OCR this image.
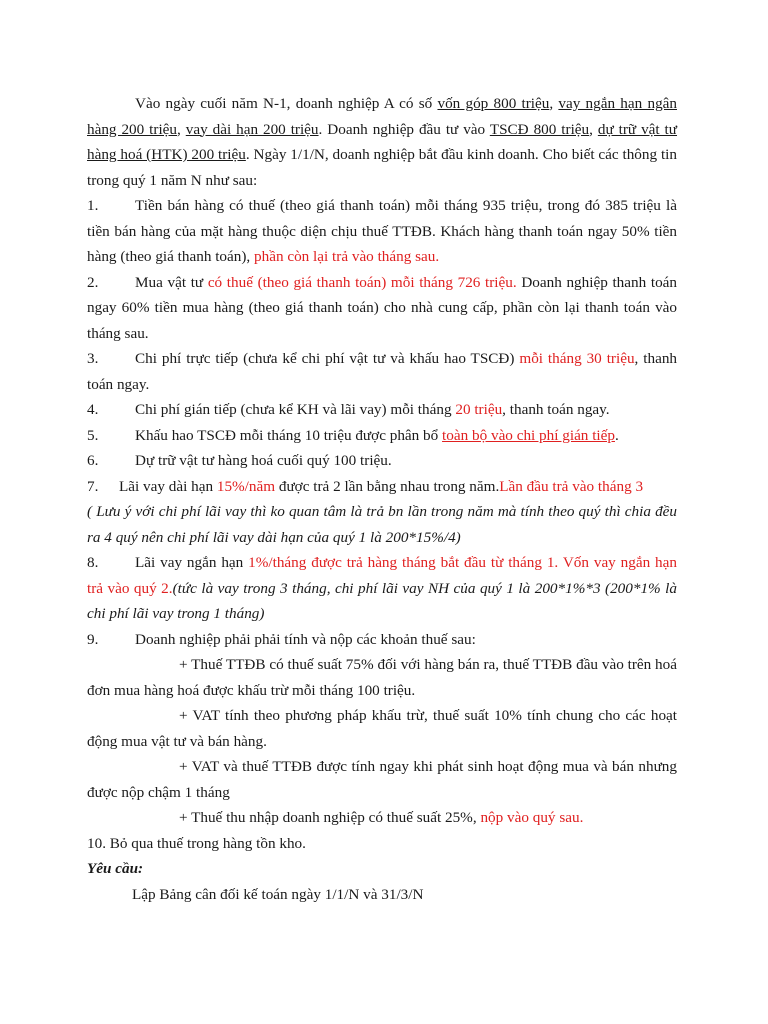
Vào ngày cuối năm N-1, doanh nghiệp A có số vốn góp 800 triệu, vay ngắn hạn ngân hàng 200 triệu, vay dài hạn 200 triệu. Doanh nghiệp đầu tư vào TSCĐ 800 triệu, dự trữ vật tư hàng hoá (HTK) 200 triệu. Ngày 1/1/N, doanh nghiệp bắt đầu kinh doanh. Cho biết các thông tin trong quý 1 năm N như sau:

1. Tiền bán hàng có thuế (theo giá thanh toán) mỗi tháng 935 triệu, trong đó 385 triệu là tiền bán hàng của mặt hàng thuộc diện chịu thuế TTĐB. Khách hàng thanh toán ngay 50% tiền hàng (theo giá thanh toán), phần còn lại trả vào tháng sau.

2. Mua vật tư có thuế (theo giá thanh toán) mỗi tháng 726 triệu. Doanh nghiệp thanh toán ngay 60% tiền mua hàng (theo giá thanh toán) cho nhà cung cấp, phần còn lại thanh toán vào tháng sau.

3. Chi phí trực tiếp (chưa kể chi phí vật tư và khấu hao TSCĐ) mỗi tháng 30 triệu, thanh toán ngay.

4. Chi phí gián tiếp (chưa kể KH và lãi vay) mỗi tháng 20 triệu, thanh toán ngay.

5. Khấu hao TSCĐ mỗi tháng 10 triệu được phân bổ toàn bộ vào chi phí gián tiếp.

6. Dự trữ vật tư hàng hoá cuối quý 100 triệu.

7. Lãi vay dài hạn 15%/năm được trả 2 lần bằng nhau trong năm.Lần đầu trả vào tháng 3

( Lưu ý với chi phí lãi vay thì ko quan tâm là trả bn lần trong năm mà tính theo quý thì chia đều ra 4 quý nên chi phí lãi vay dài hạn của quý 1 là 200*15%/4)

8. Lãi vay ngắn hạn 1%/tháng được trả hàng tháng bắt đầu từ tháng 1. Vốn vay ngắn hạn trả vào quý 2.(tức là vay trong 3 tháng, chi phí lãi vay NH của quý 1 là 200*1%*3 (200*1% là chi phí lãi vay trong 1 tháng)

9. Doanh nghiệp phải phải tính và nộp các khoản thuế sau:

+ Thuế TTĐB có thuế suất 75% đối với hàng bán ra, thuế TTĐB đầu vào trên hoá đơn mua hàng hoá được khấu trừ mỗi tháng 100 triệu.

+ VAT tính theo phương pháp khấu trừ, thuế suất 10% tính chung cho các hoạt động mua vật tư và bán hàng.

+ VAT và thuế TTĐB được tính ngay khi phát sinh hoạt động mua và bán nhưng được nộp chậm 1 tháng

+ Thuế thu nhập doanh nghiệp có thuế suất 25%, nộp vào quý sau.

10. Bỏ qua thuế trong hàng tồn kho.

Yêu cầu:

Lập Bảng cân đối kế toán ngày 1/1/N và 31/3/N
